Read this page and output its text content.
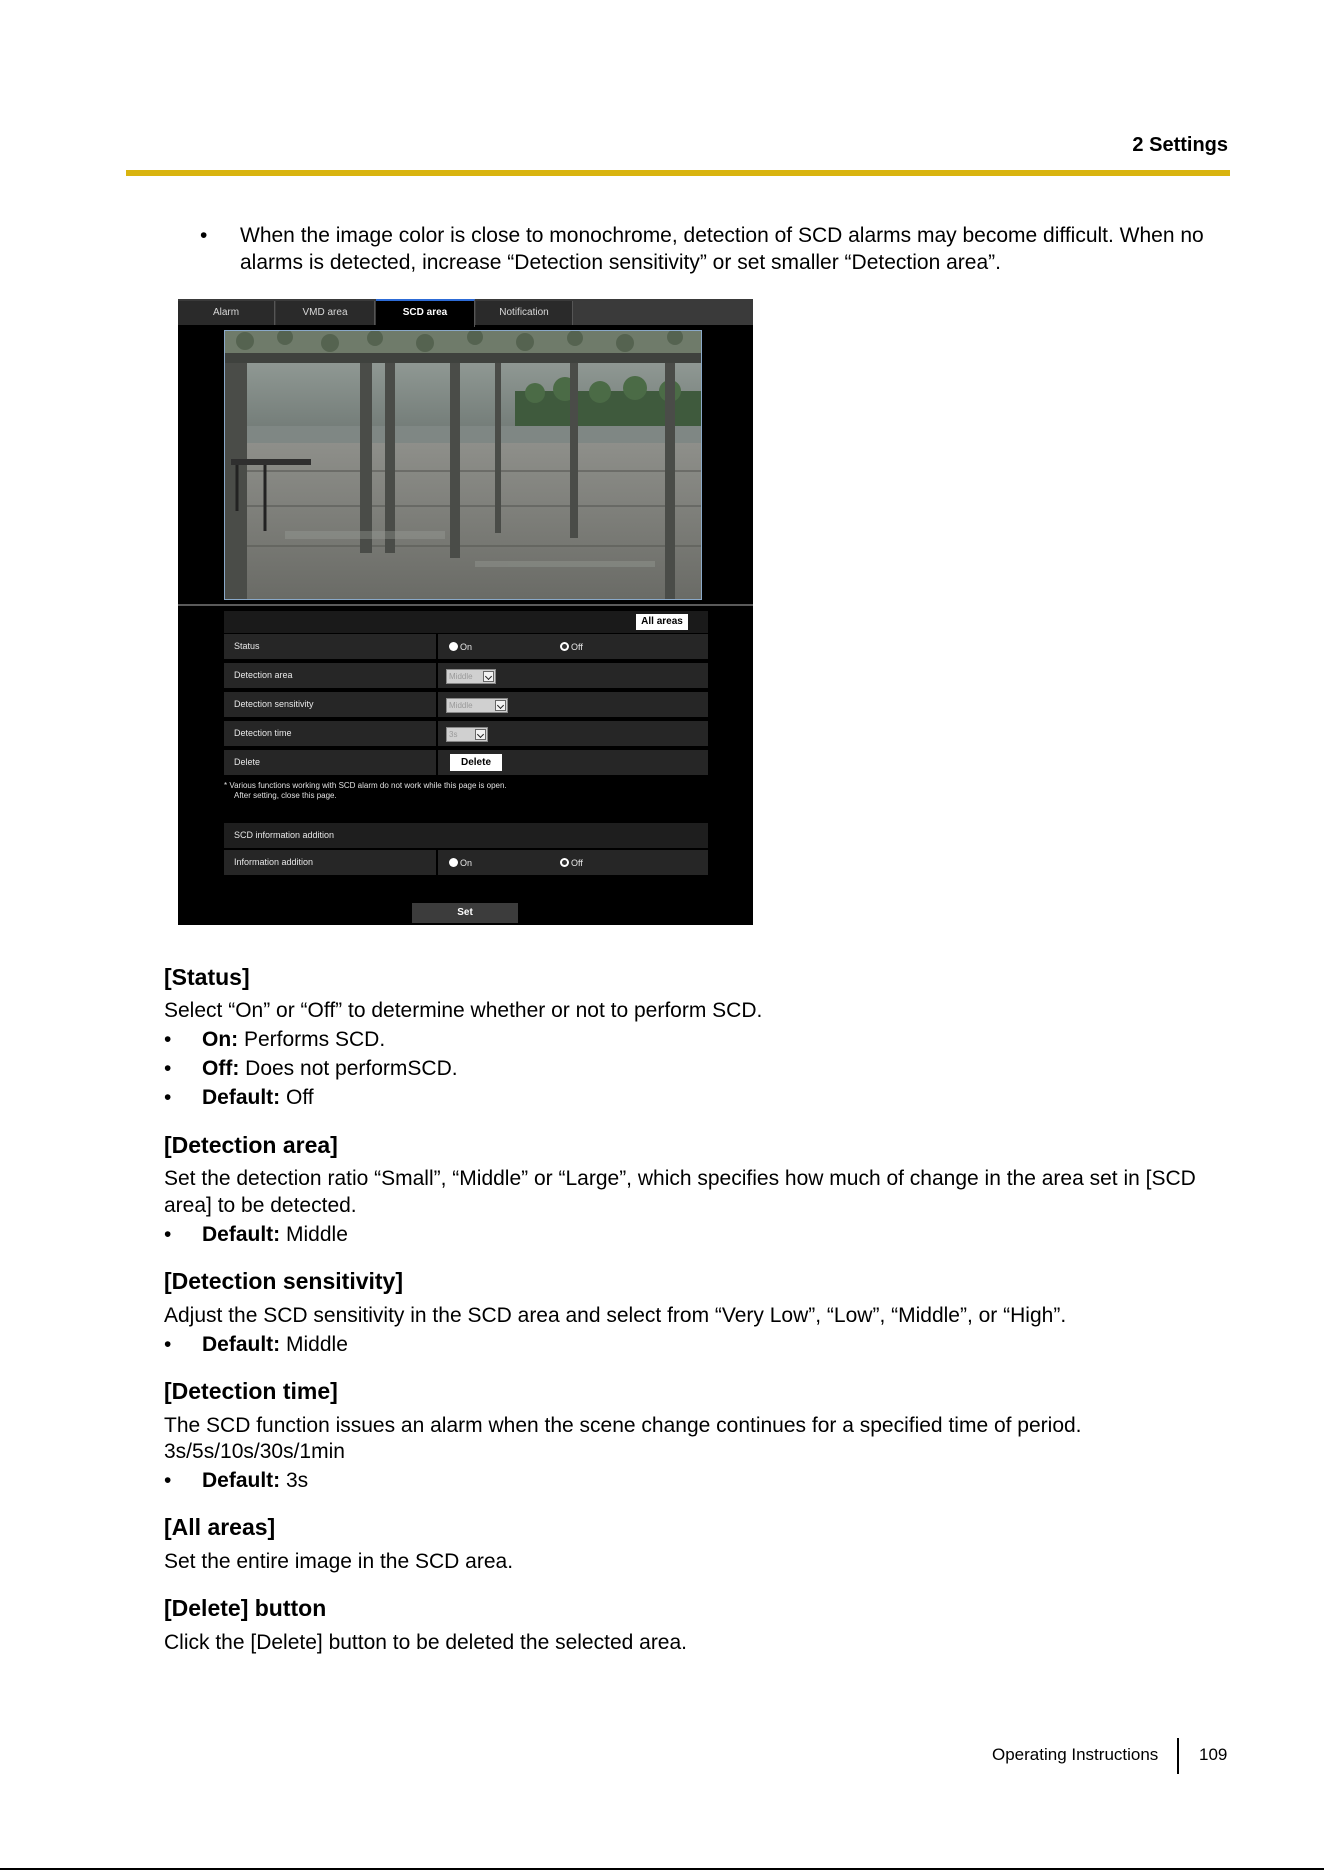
2 Settings
• When the image color is close to monochrome, detection of SCD alarms may become difficult. When no alarms is detected, increase “Detection sensitivity” or set smaller “Detection area”.
Alarm	VMD area	SCD area	Notification
All areas
Status	On	Off
Detection area	Middle
Detection sensitivity	Middle
Detection time	3s
Delete	Delete
* Various functions working with SCD alarm do not work while this page is open.
After setting, close this page.
SCD information addition
Information addition	On	Off
Set
[Status]
Select “On” or “Off” to determine whether or not to perform SCD.
• On: Performs SCD.
• Off: Does not performSCD.
• Default: Off
[Detection area]
Set the detection ratio “Small”, “Middle” or “Large”, which specifies how much of change in the area set in [SCD area] to be detected.
• Default: Middle
[Detection sensitivity]
Adjust the SCD sensitivity in the SCD area and select from “Very Low”, “Low”, “Middle”, or “High”.
• Default: Middle
[Detection time]
The SCD function issues an alarm when the scene change continues for a specified time of period.
3s/5s/10s/30s/1min
• Default: 3s
[All areas]
Set the entire image in the SCD area.
[Delete] button
Click the [Delete] button to be deleted the selected area.
Operating Instructions	109
